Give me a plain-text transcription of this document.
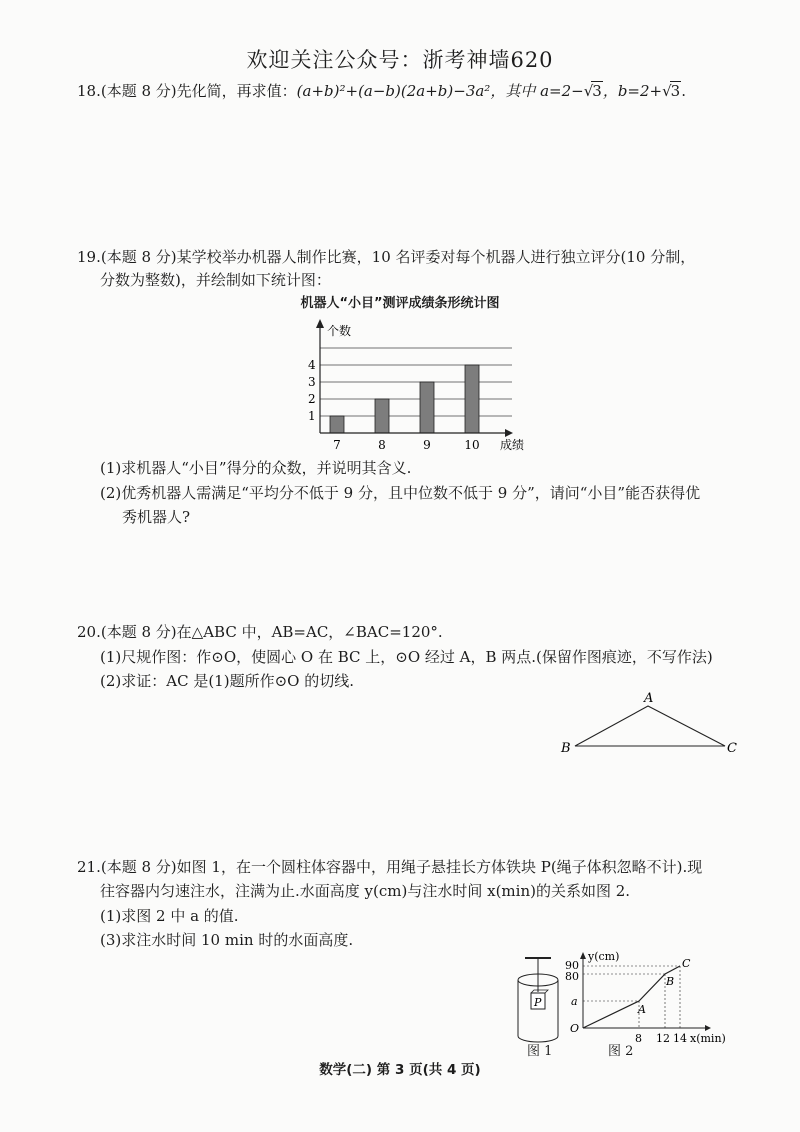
欢迎关注公众号：浙考神墙620
18.(本题 8 分)先化简，再求值：(a+b)²+(a−b)(2a+b)−3a²，其中 a=2−√3，b=2+√3.
19.(本题 8 分)某学校举办机器人制作比赛，10 名评委对每个机器人进行独立评分(10 分制，
分数为整数)，并绘制如下统计图：
机器人“小目”测评成绩条形统计图
个数
成绩
1
2
3
4
7	8	9	10
(1)求机器人“小目”得分的众数，并说明其含义.
(2)优秀机器人需满足“平均分不低于 9 分，且中位数不低于 9 分”，请问“小目”能否获得优
秀机器人?
20.(本题 8 分)在△ABC 中，AB=AC，∠BAC=120°.
(1)尺规作图：作⊙O，使圆心 O 在 BC 上，⊙O 经过 A，B 两点.(保留作图痕迹，不写作法)
(2)求证：AC 是(1)题所作⊙O 的切线.
A
B	C
21.(本题 8 分)如图 1，在一个圆柱体容器中，用绳子悬挂长方体铁块 P(绳子体积忽略不计).现
往容器内匀速注水，注满为止.水面高度 y(cm)与注水时间 x(min)的关系如图 2.
(1)求图 2 中 a 的值.
(3)求注水时间 10 min 时的水面高度.
P
图 1
y(cm)
C
B
A
90
80
a
O
8 12 14 x(min)
图 2
数学(二) 第 3 页(共 4 页)
